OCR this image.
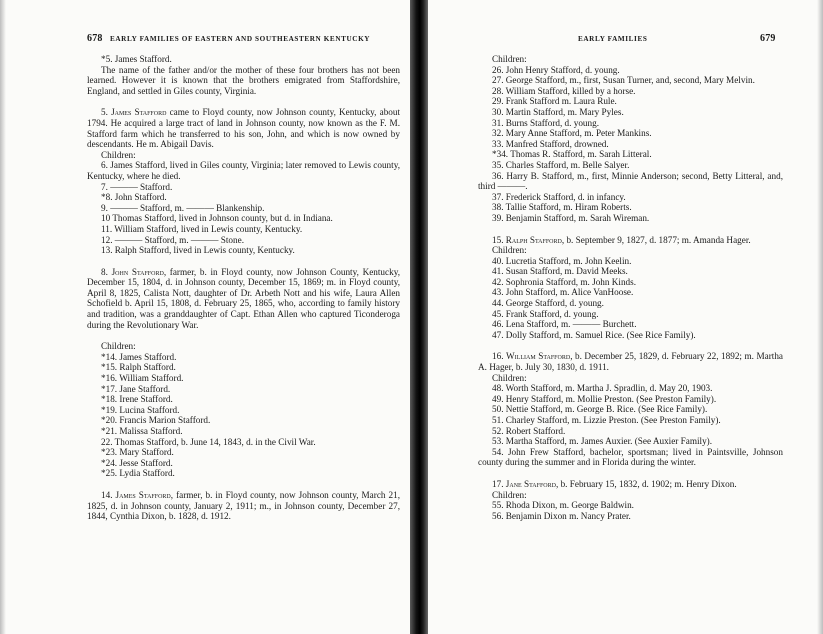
678 EARLY FAMILIES OF EASTERN AND SOUTHEASTERN KENTUCKY

*5. James Stafford.

The name of the father and/or the mother of these four brothers has not been learned. However it is known that the brothers emigrated from Staffordshire, England, and settled in Giles county, Virginia.

5. James Stafford came to Floyd county, now Johnson county, Kentucky, about 1794. He acquired a large tract of land in Johnson county, now known as the F. M. Stafford farm which he transferred to his son, John, and which is now owned by descendants. He m. Abigail Davis.

Children:

6. James Stafford, lived in Giles county, Virginia; later removed to Lewis county, Kentucky, where he died.

7. ——— Stafford.

*8. John Stafford.

9. ——— Stafford, m. ——— Blankenship.

10 Thomas Stafford, lived in Johnson county, but d. in Indiana.

11. William Stafford, lived in Lewis county, Kentucky.

12. ——— Stafford, m. ——— Stone.

13. Ralph Stafford, lived in Lewis county, Kentucky.

8. John Stafford, farmer, b. in Floyd county, now Johnson County, Kentucky, December 15, 1804, d. in Johnson county, December 15, 1869; m. in Floyd county, April 8, 1825, Calista Nott, daughter of Dr. Arbeth Nott and his wife, Laura Allen Schofield b. April 15, 1808, d. February 25, 1865, who, according to family history and tradition, was a granddaughter of Capt. Ethan Allen who captured Ticonderoga during the Revolutionary War.

Children:

*14. James Stafford.

*15. Ralph Stafford.

*16. William Stafford.

*17. Jane Stafford.

*18. Irene Stafford.

*19. Lucina Stafford.

*20. Francis Marion Stafford.

*21. Malissa Stafford.

22. Thomas Stafford, b. June 14, 1843, d. in the Civil War.

*23. Mary Stafford.

*24. Jesse Stafford.

*25. Lydia Stafford.

14. James Stafford, farmer, b. in Floyd county, now Johnson county, March 21, 1825, d. in Johnson county, January 2, 1911; m., in Johnson county, December 27, 1844, Cynthia Dixon, b. 1828, d. 1912.

EARLY FAMILIES	679

Children:

26. John Henry Stafford, d. young.

27. George Stafford, m., first, Susan Turner, and, second, Mary Melvin.

28. William Stafford, killed by a horse.

29. Frank Stafford m. Laura Rule.

30. Martin Stafford, m. Mary Pyles.

31. Burns Stafford, d. young.

32. Mary Anne Stafford, m. Peter Mankins.

33. Manfred Stafford, drowned.

*34. Thomas R. Stafford, m. Sarah Litteral.

35. Charles Stafford, m. Belle Salyer.

36. Harry B. Stafford, m., first, Minnie Anderson; second, Betty Litteral, and, third ———.

37. Frederick Stafford, d. in infancy.

38. Tallie Stafford, m. Hiram Roberts.

39. Benjamin Stafford, m. Sarah Wireman.

15. Ralph Stafford, b. September 9, 1827, d. 1877; m. Amanda Hager.

Children:

40. Lucretia Stafford, m. John Keelin.

41. Susan Stafford, m. David Meeks.

42. Sophronia Stafford, m. John Kinds.

43. John Stafford, m. Alice VanHoose.

44. George Stafford, d. young.

45. Frank Stafford, d. young.

46. Lena Stafford, m. ——— Burchett.

47. Dolly Stafford, m. Samuel Rice. (See Rice Family).

16. William Stafford, b. December 25, 1829, d. February 22, 1892; m. Martha A. Hager, b. July 30, 1830, d. 1911.

Children:

48. Worth Stafford, m. Martha J. Spradlin, d. May 20, 1903.

49. Henry Stafford, m. Mollie Preston. (See Preston Family).

50. Nettie Stafford, m. George B. Rice. (See Rice Family).

51. Charley Stafford, m. Lizzie Preston. (See Preston Family).

52. Robert Stafford.

53. Martha Stafford, m. James Auxier. (See Auxier Family).

54. John Frew Stafford, bachelor, sportsman; lived in Paintsville, Johnson county during the summer and in Florida during the winter.

17. Jane Stafford, b. February 15, 1832, d. 1902; m. Henry Dixon.

Children:

55. Rhoda Dixon, m. George Baldwin.

56. Benjamin Dixon m. Nancy Prater.
